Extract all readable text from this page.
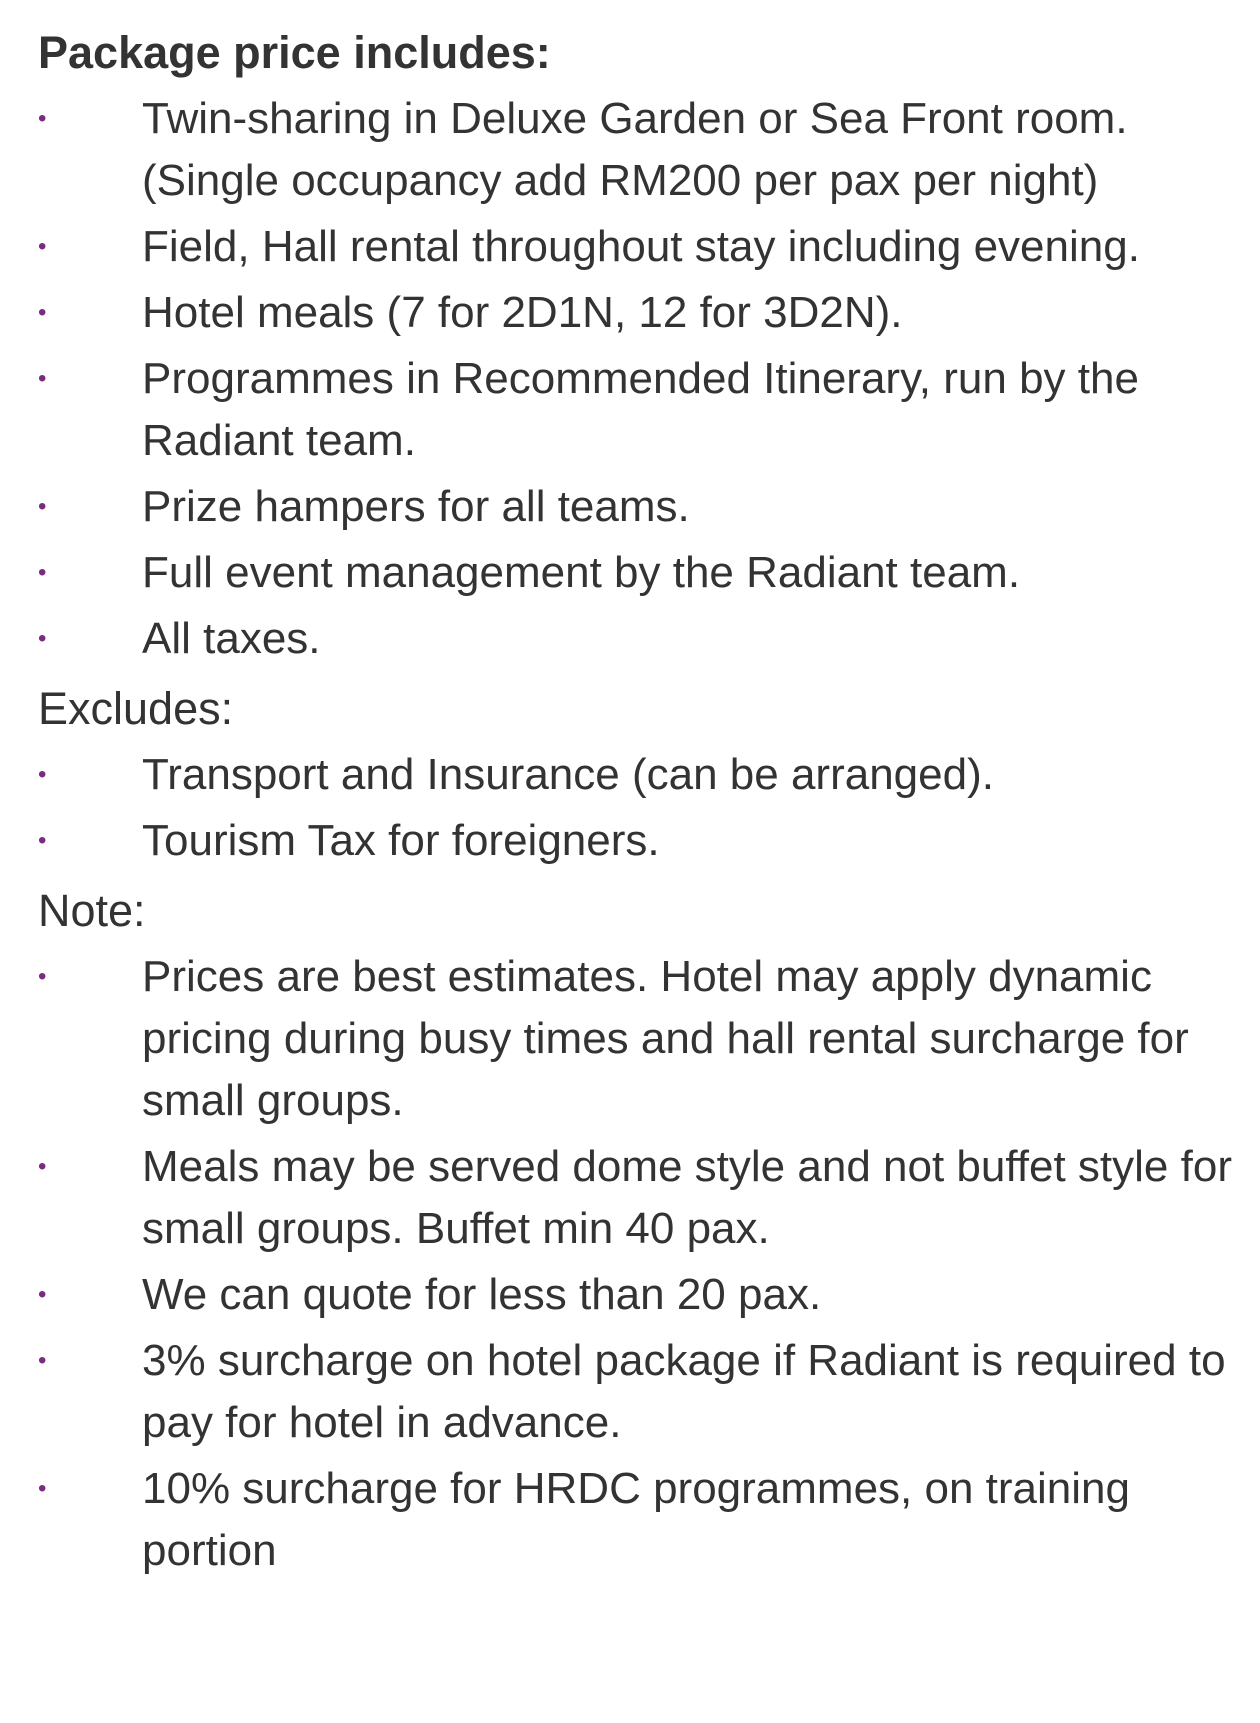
Package price includes:
• Twin-sharing in Deluxe Garden or Sea Front room. (Single occupancy add RM200 per pax per night)
• Field, Hall rental throughout stay including evening.
• Hotel meals (7 for 2D1N, 12 for 3D2N).
• Programmes in Recommended Itinerary, run by the Radiant team.
• Prize hampers for all teams.
• Full event management by the Radiant team.
• All taxes.
Excludes:
• Transport and Insurance (can be arranged).
• Tourism Tax for foreigners.
Note:
• Prices are best estimates. Hotel may apply dynamic pricing during busy times and hall rental surcharge for small groups.
• Meals may be served dome style and not buffet style for small groups. Buffet min 40 pax.
• We can quote for less than 20 pax.
• 3% surcharge on hotel package if Radiant is required to pay for hotel in advance.
• 10% surcharge for HRDC programmes, on training portion
